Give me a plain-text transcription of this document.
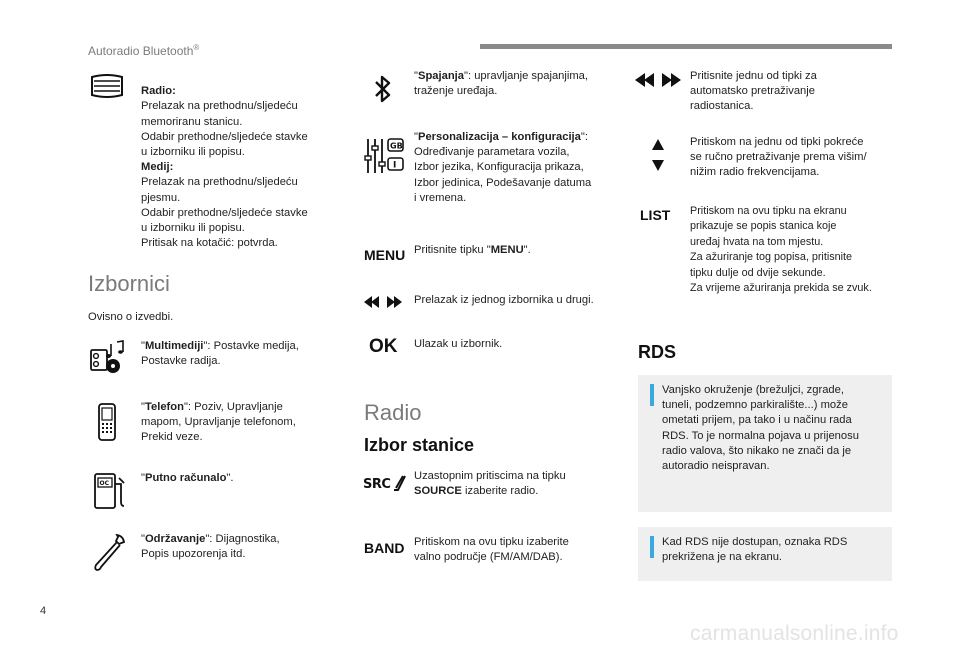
Autoradio Bluetooth®

Radio:
Prelazak na prethodnu/sljedeću
memoriranu stanicu.
Odabir prethodne/sljedeće stavke
u izborniku ili popisu.
Medij:
Prelazak na prethodnu/sljedeću
pjesmu.
Odabir prethodne/sljedeće stavke
u izborniku ili popisu.
Pritisak na kotačić: potvrda.

Izbornici
Ovisno o izvedbi.
"Multimediji": Postavke medija,
Postavke radija.
"Telefon": Poziv, Upravljanje
mapom, Upravljanje telefonom,
Prekid veze.
OC	"Putno računalo".
"Održavanje": Dijagnostika,
Popis upozorenja itd.
"Spajanja": upravljanje spajanjima,
traženje uređaja.
GB
I
"Personalizacija – konfiguracija":
Određivanje parametara vozila,
Izbor jezika, Konfiguracija prikaza,
Izbor jedinica, Podešavanje datuma
i vremena.
MENU Pritisnite tipku "MENU".
Prelazak iz jednog izbornika u drugi.
OK Ulazak u izbornik.
Radio
Izbor stanice
SRC
Uzastopnim pritiscima na tipku
SOURCE izaberite radio.
BAND Pritiskom na ovu tipku izaberite
valno područje (FM/AM/DAB).
Pritisnite jednu od tipki za
automatsko pretraživanje
radiostanica.
Pritiskom na jednu od tipki pokreće
se ručno pretraživanje prema višim/
nižim radio frekvencijama.
LIST Pritiskom na ovu tipku na ekranu
prikazuje se popis stanica koje
uređaj hvata na tom mjestu.
Za ažuriranje tog popisa, pritisnite
tipku dulje od dvije sekunde.
Za vrijeme ažuriranja prekida se zvuk.
RDS
Vanjsko okruženje (brežuljci, zgrade,
tuneli, podzemno parkiralište...) može
ometati prijem, pa tako i u načinu rada
RDS. To je normalna pojava u prijenosu
radio valova, što nikako ne znači da je
autoradio neispravan.
Kad RDS nije dostupan, oznaka RDS
prekrižena je na ekranu.
4
carmanualsonline.info
